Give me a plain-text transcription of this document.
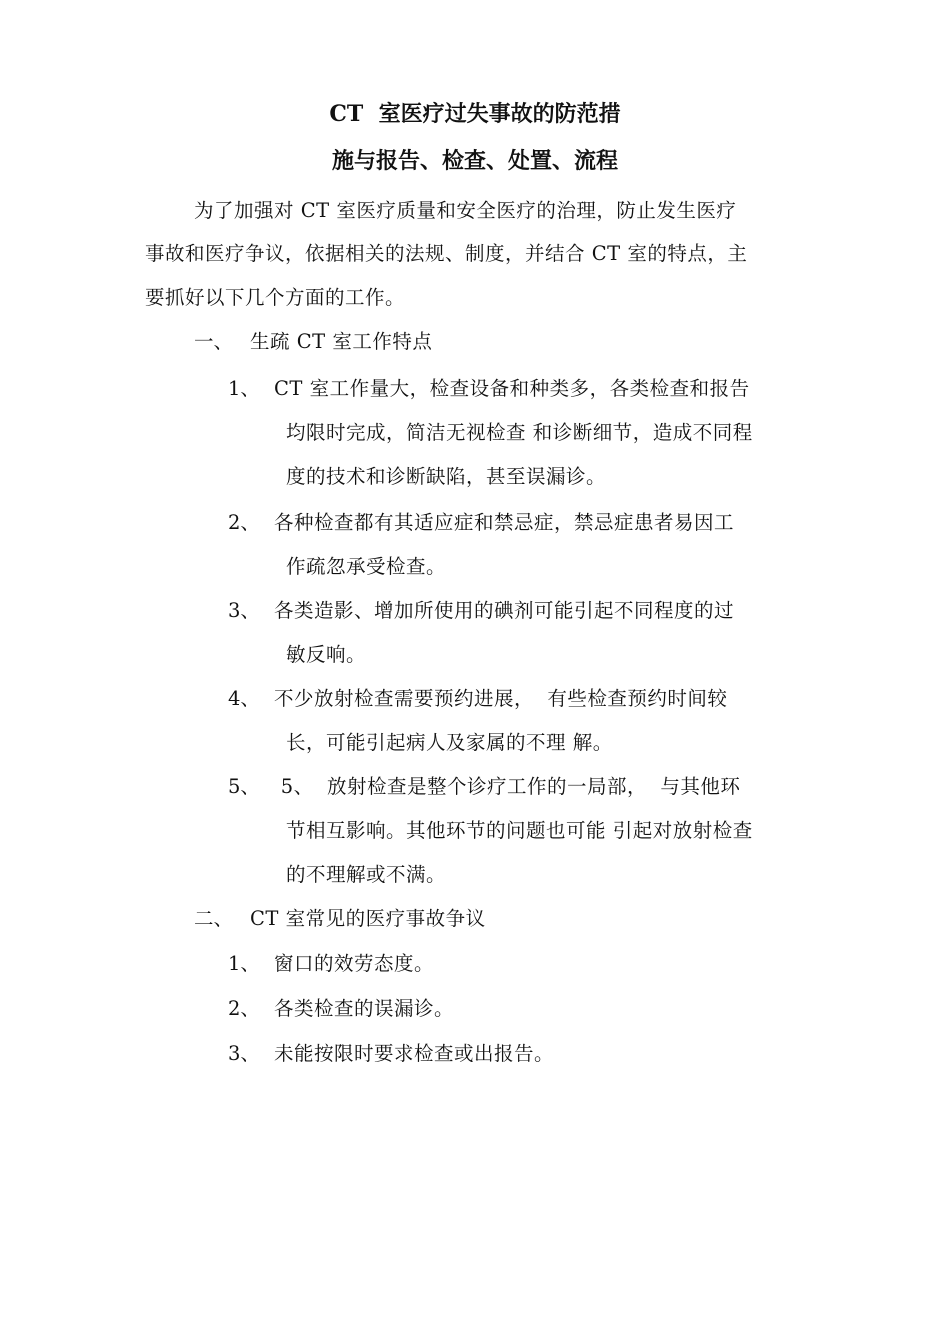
CT  室医疗过失事故的防范措
施与报告、检查、处置、流程
为了加强对 CT 室医疗质量和安全医疗的治理，防止发生医疗
事故和医疗争议，依据相关的法规、制度，并结合 CT 室的特点，主
要抓好以下几个方面的工作。
一、 生疏 CT 室工作特点
1、 CT 室工作量大，检查设备和种类多，各类检查和报告
均限时完成，简洁无视检查 和诊断细节，造成不同程
度的技术和诊断缺陷，甚至误漏诊。
2、 各种检查都有其适应症和禁忌症，禁忌症患者易因工
作疏忽承受检查。
3、 各类造影、增加所使用的碘剂可能引起不同程度的过
敏反响。
4、 不少放射检查需要预约进展，  有些检查预约时间较
长，可能引起病人及家属的不理 解。
5、 5、  放射检查是整个诊疗工作的一局部，  与其他环
节相互影响。其他环节的问题也可能 引起对放射检查
的不理解或不满。
二、 CT 室常见的医疗事故争议
1、 窗口的效劳态度。
2、 各类检查的误漏诊。
3、 未能按限时要求检查或出报告。
